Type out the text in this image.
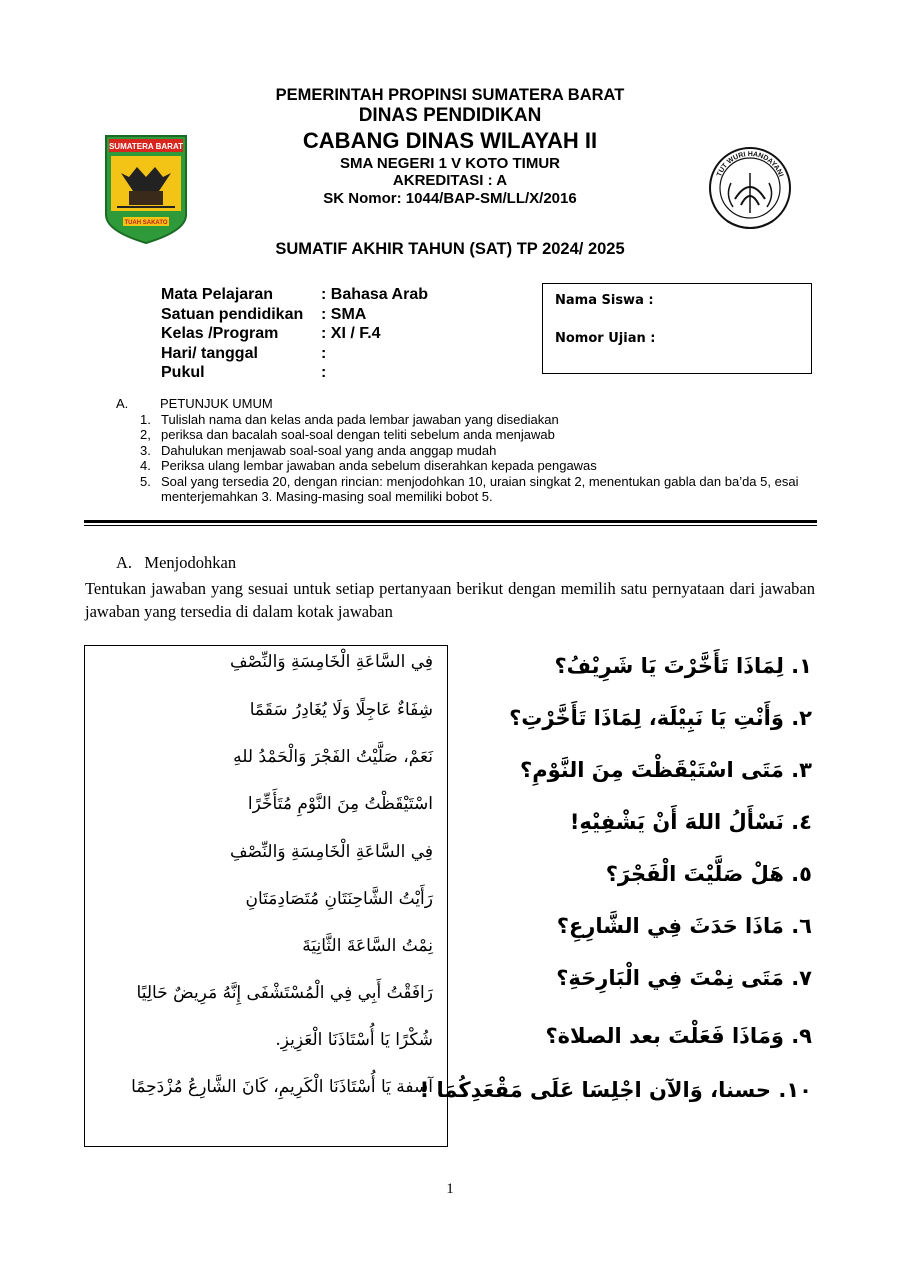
SUMATERA BARAT
TUAH SAKATO
TUT WURI HANDAYANI
PEMERINTAH PROPINSI SUMATERA BARAT
DINAS PENDIDIKAN
CABANG DINAS WILAYAH II
SMA NEGERI 1 V KOTO TIMUR
AKREDITASI : A
SK Nomor: 1044/BAP-SM/LL/X/2016
SUMATIF AKHIR TAHUN (SAT) TP 2024/ 2025
Mata Pelajaran	: Bahasa Arab
Satuan pendidikan	: SMA
Kelas /Program	: XI / F.4
Hari/ tanggal	:
Pukul	:
Nama Siswa :
Nomor Ujian :
A.	PETUNJUK UMUM
1. Tulislah nama dan kelas anda pada lembar jawaban yang disediakan
2, periksa dan bacalah soal-soal dengan teliti sebelum anda menjawab
3. Dahulukan menjawab soal-soal yang anda anggap mudah
4. Periksa ulang lembar jawaban anda sebelum diserahkan kepada pengawas
5. Soal yang tersedia 20, dengan rincian: menjodohkan 10, uraian singkat 2, menentukan gabla dan ba’da 5, esai menterjemahkan 3. Masing-masing soal memiliki bobot 5.
A.   Menjodohkan
Tentukan jawaban yang sesuai untuk setiap pertanyaan berikut dengan memilih satu pernyataan dari jawaban jawaban yang tersedia di dalam kotak jawaban
فِي السَّاعَةِ الْخَامِسَةِ وَالنِّصْفِ
شِفَاءٌ عَاجِلًا وَلَا يُغَادِرُ سَقَمًا
نَعَمْ، صَلَّيْتُ الفَجْرَ وَالْحَمْدُ للهِ
اسْتَيْقَظْتُ مِنَ النَّوْمِ مُتَأَخِّرًا
فِي السَّاعَةِ الْخَامِسَةِ وَالنِّصْفِ
رَأَيْتُ الشَّاحِنَتَانِ مُتَصَادِمَتَانِ
نِمْتُ السَّاعَةَ الثَّانِيَةَ
رَافَقْتُ أَبِي فِي الْمُسْتَشْفَى إِنَّهُ مَرِيضٌ حَالِيًا
شُكْرًا يَا أُسْتَاذَنَا الْعَزِيزِ.
آسفة يَا أُسْتَاذَنَا الْكَرِيمِ، كَانَ الشَّارِعُ مُزْدَحِمًا
١. لِمَاذَا تَأَخَّرْتَ يَا شَرِيْفُ؟
٢. وَأَنْتِ يَا نَبِيْلَة، لِمَاذَا تَأَخَّرْتِ؟
٣. مَتَى اسْتَيْقَظْتَ مِنَ النَّوْمِ؟
٤. نَسْأَلُ اللهَ أَنْ يَشْفِيْهِ!
٥. هَلْ صَلَّيْتَ الْفَجْرَ؟
٦. مَاذَا حَدَثَ فِي الشَّارِعِ؟
٧. مَتَى نِمْتَ فِي الْبَارِحَةِ؟
٩. وَمَاذَا فَعَلْتَ بعد الصلاة؟
١٠. حسنا، وَالآن اجْلِسَا عَلَى مَقْعَدِكُمَا !
1
